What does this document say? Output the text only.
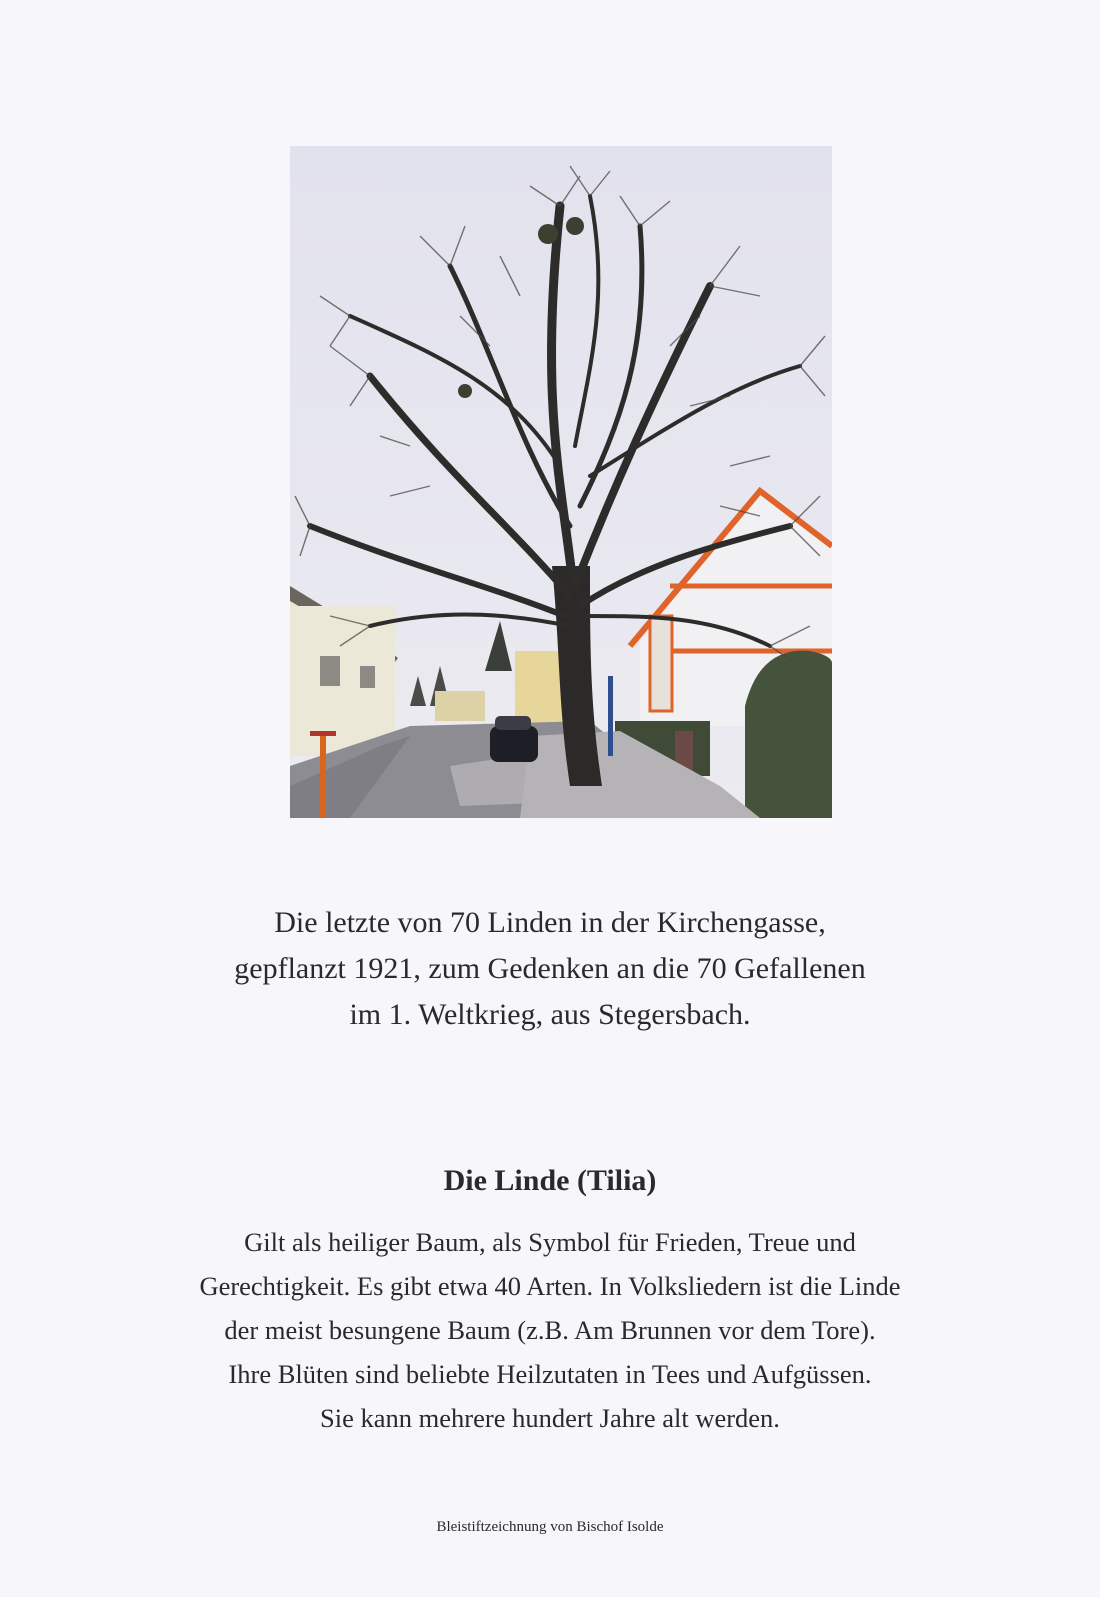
Die letzte von 70 Linden in der Kirchengasse,
gepflanzt 1921, zum Gedenken an die 70 Gefallenen
im 1. Weltkrieg, aus Stegersbach.
Die Linde (Tilia)
Gilt als heiliger Baum, als Symbol für Frieden, Treue und
Gerechtigkeit. Es gibt etwa 40 Arten. In Volksliedern ist die Linde
der meist besungene Baum (z.B. Am Brunnen vor dem Tore).
Ihre Blüten sind beliebte Heilzutaten in Tees und Aufgüssen.
Sie kann mehrere hundert Jahre alt werden.
Bleistiftzeichnung von Bischof Isolde
